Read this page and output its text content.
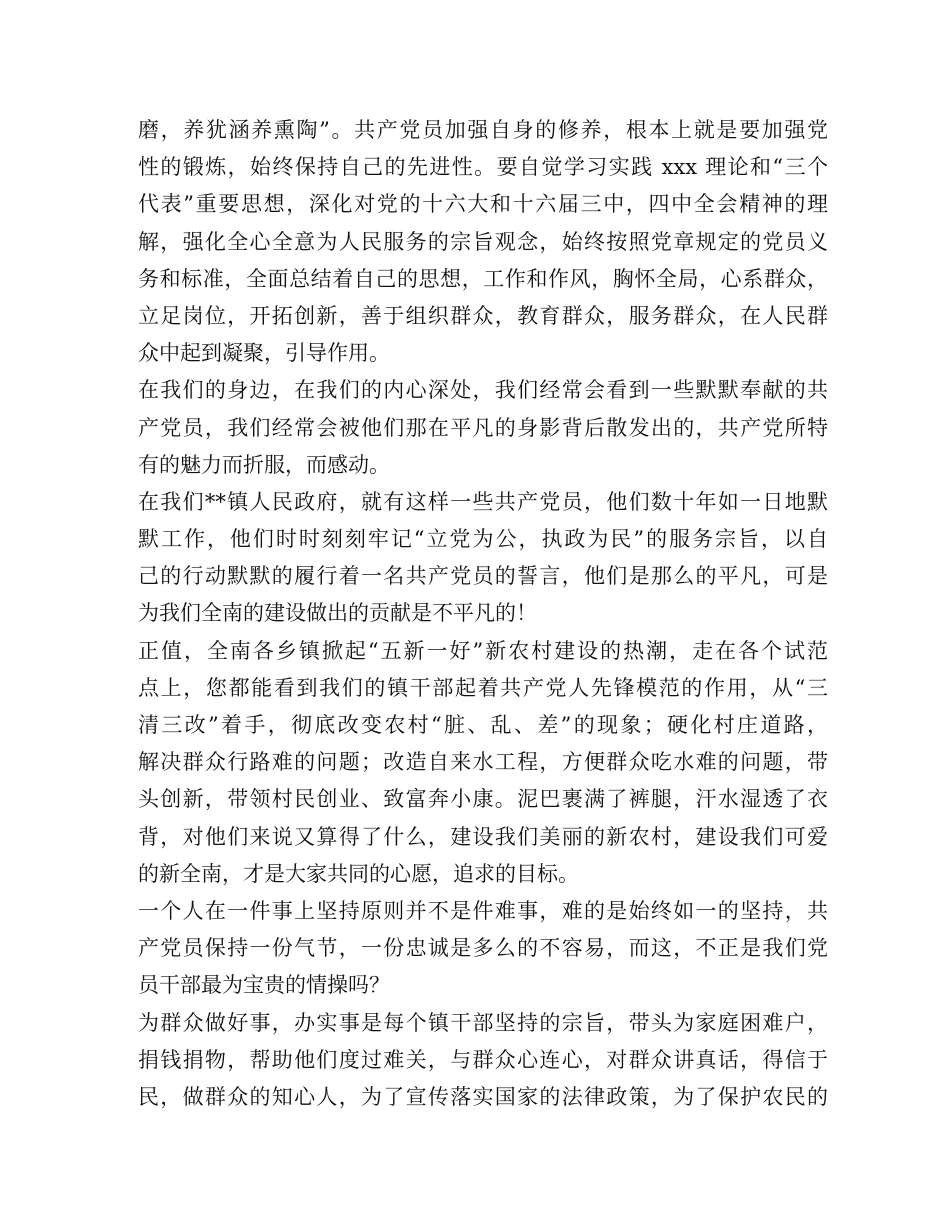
磨，养犹涵养熏陶”。共产党员加强自身的修养，根本上就是要加强党
性的锻炼，始终保持自己的先进性。要自觉学习实践 xxx 理论和“三个
代表”重要思想，深化对党的十六大和十六届三中，四中全会精神的理
解，强化全心全意为人民服务的宗旨观念，始终按照党章规定的党员义
务和标准，全面总结着自己的思想，工作和作风，胸怀全局，心系群众，
立足岗位，开拓创新，善于组织群众，教育群众，服务群众，在人民群
众中起到凝聚，引导作用。
在我们的身边，在我们的内心深处，我们经常会看到一些默默奉献的共
产党员，我们经常会被他们那在平凡的身影背后散发出的，共产党所特
有的魅力而折服，而感动。
在我们**镇人民政府，就有这样一些共产党员，他们数十年如一日地默
默工作，他们时时刻刻牢记“立党为公，执政为民”的服务宗旨，以自
己的行动默默的履行着一名共产党员的誓言，他们是那么的平凡，可是
为我们全南的建设做出的贡献是不平凡的！
正值，全南各乡镇掀起“五新一好”新农村建设的热潮，走在各个试范
点上，您都能看到我们的镇干部起着共产党人先锋模范的作用，从“三
清三改”着手，彻底改变农村“脏、乱、差”的现象；硬化村庄道路，
解决群众行路难的问题；改造自来水工程，方便群众吃水难的问题，带
头创新，带领村民创业、致富奔小康。泥巴裹满了裤腿，汗水湿透了衣
背，对他们来说又算得了什么，建设我们美丽的新农村，建设我们可爱
的新全南，才是大家共同的心愿，追求的目标。
一个人在一件事上坚持原则并不是件难事，难的是始终如一的坚持，共
产党员保持一份气节，一份忠诚是多么的不容易，而这，不正是我们党
员干部最为宝贵的情操吗？
为群众做好事，办实事是每个镇干部坚持的宗旨，带头为家庭困难户，
捐钱捐物，帮助他们度过难关，与群众心连心，对群众讲真话，得信于
民，做群众的知心人，为了宣传落实国家的法律政策，为了保护农民的
